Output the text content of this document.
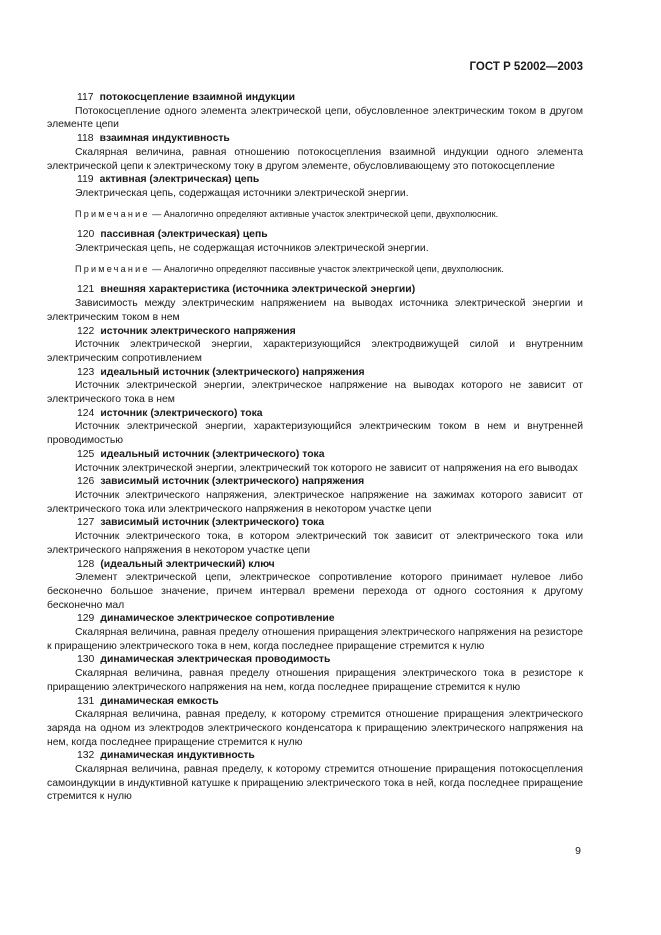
ГОСТ Р 52002—2003
117 потокосцепление взаимной индукции
Потокосцепление одного элемента электрической цепи, обусловленное электрическим током в другом элементе цепи
118 взаимная индуктивность
Скалярная величина, равная отношению потокосцепления взаимной индукции одного элемента электрической цепи к электрическому току в другом элементе, обусловливающему это потокосцепление
119 активная (электрическая) цепь
Электрическая цепь, содержащая источники электрической энергии.
Примечание — Аналогично определяют активные участок электрической цепи, двухполюсник.
120 пассивная (электрическая) цепь
Электрическая цепь, не содержащая источников электрической энергии.
Примечание — Аналогично определяют пассивные участок электрической цепи, двухполюсник.
121 внешняя характеристика (источника электрической энергии)
Зависимость между электрическим напряжением на выводах источника электрической энергии и электрическим током в нем
122 источник электрического напряжения
Источник электрической энергии, характеризующийся электродвижущей силой и внутренним электрическим сопротивлением
123 идеальный источник (электрического) напряжения
Источник электрической энергии, электрическое напряжение на выводах которого не зависит от электрического тока в нем
124 источник (электрического) тока
Источник электрической энергии, характеризующийся электрическим током в нем и внутренней проводимостью
125 идеальный источник (электрического) тока
Источник электрической энергии, электрический ток которого не зависит от напряжения на его выводах
126 зависимый источник (электрического) напряжения
Источник электрического напряжения, электрическое напряжение на зажимах которого зависит от электрического тока или электрического напряжения в некотором участке цепи
127 зависимый источник (электрического) тока
Источник электрического тока, в котором электрический ток зависит от электрического тока или электрического напряжения в некотором участке цепи
128 (идеальный электрический) ключ
Элемент электрической цепи, электрическое сопротивление которого принимает нулевое либо бесконечно большое значение, причем интервал времени перехода от одного состояния к другому бесконечно мал
129 динамическое электрическое сопротивление
Скалярная величина, равная пределу отношения приращения электрического напряжения на резисторе к приращению электрического тока в нем, когда последнее приращение стремится к нулю
130 динамическая электрическая проводимость
Скалярная величина, равная пределу отношения приращения электрического тока в резисторе к приращению электрического напряжения на нем, когда последнее приращение стремится к нулю
131 динамическая емкость
Скалярная величина, равная пределу, к которому стремится отношение приращения электрического заряда на одном из электродов электрического конденсатора к приращению электрического напряжения на нем, когда последнее приращение стремится к нулю
132 динамическая индуктивность
Скалярная величина, равная пределу, к которому стремится отношение приращения потокосцепления самоиндукции в индуктивной катушке к приращению электрического тока в ней, когда последнее приращение стремится к нулю
9
